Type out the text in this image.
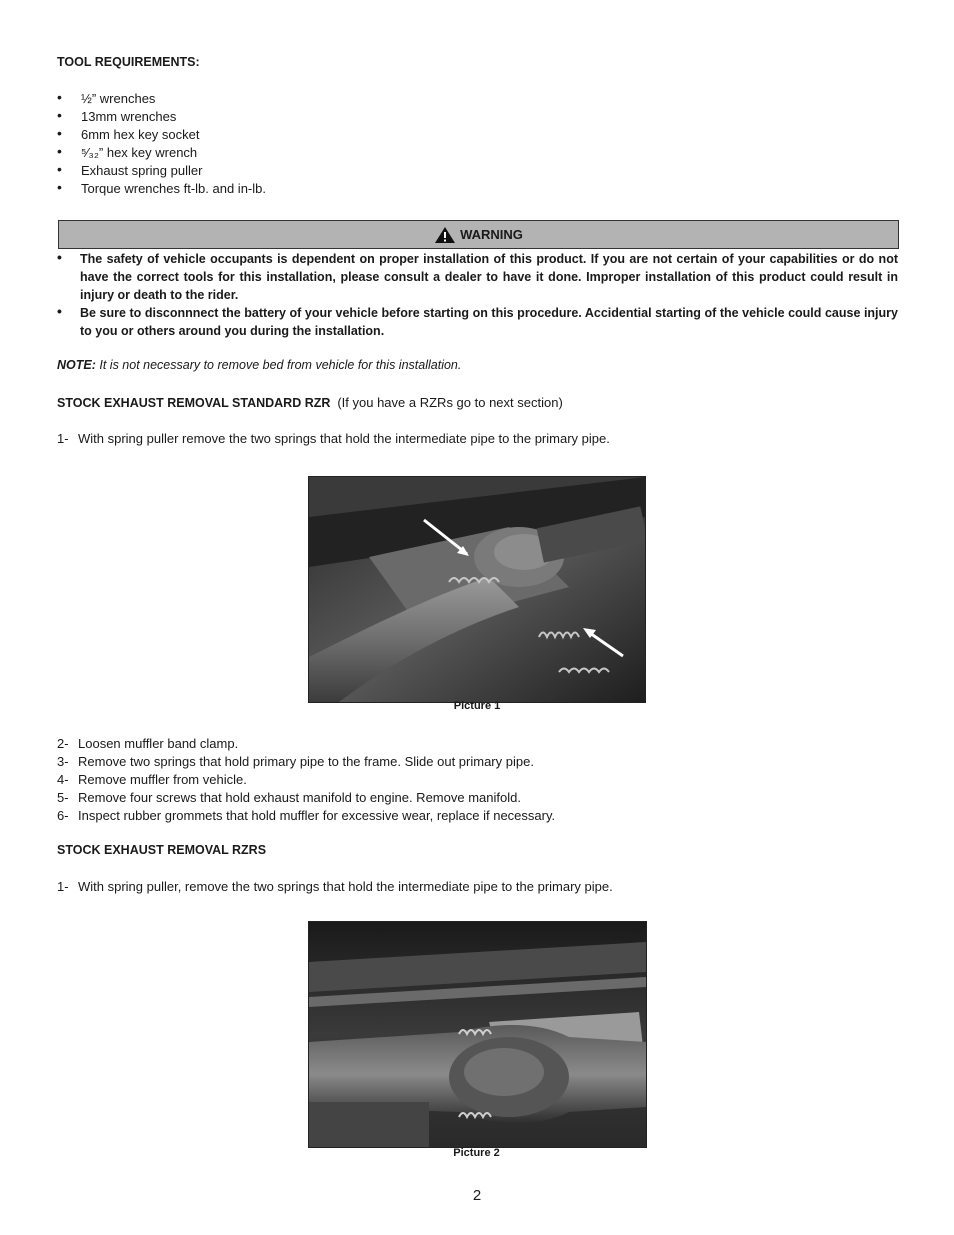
TOOL REQUIREMENTS:
• ½” wrenches
• 13mm wrenches
• 6mm hex key socket
• ⁵⁄₃₂” hex key wrench
• Exhaust spring puller
• Torque wrenches ft-lb. and in-lb.
WARNING
• The safety of vehicle occupants is dependent on proper installation of this product. If you are not certain of your capabilities or do not have the correct tools for this installation, please consult a dealer to have it done. Improper installation of this product could result in injury or death to the rider.
• Be sure to disconnnect the battery of your vehicle before starting on this procedure. Accidential starting of the vehicle could cause injury to you or others around you during the installation.
NOTE: It is not necessary to remove bed from vehicle for this installation.
STOCK EXHAUST REMOVAL STANDARD RZR (If you have a RZRs go to next section)
1- With spring puller remove the two springs that hold the intermediate pipe to the primary pipe.
Picture 1
2- Loosen muffler band clamp.
3- Remove two springs that hold primary pipe to the frame. Slide out primary pipe.
4- Remove muffler from vehicle.
5- Remove four screws that hold exhaust manifold to engine. Remove manifold.
6- Inspect rubber grommets that hold muffler for excessive wear, replace if necessary.
STOCK EXHAUST REMOVAL RZRS
1- With spring puller, remove the two springs that hold the intermediate pipe to the primary pipe.
Picture 2
2
